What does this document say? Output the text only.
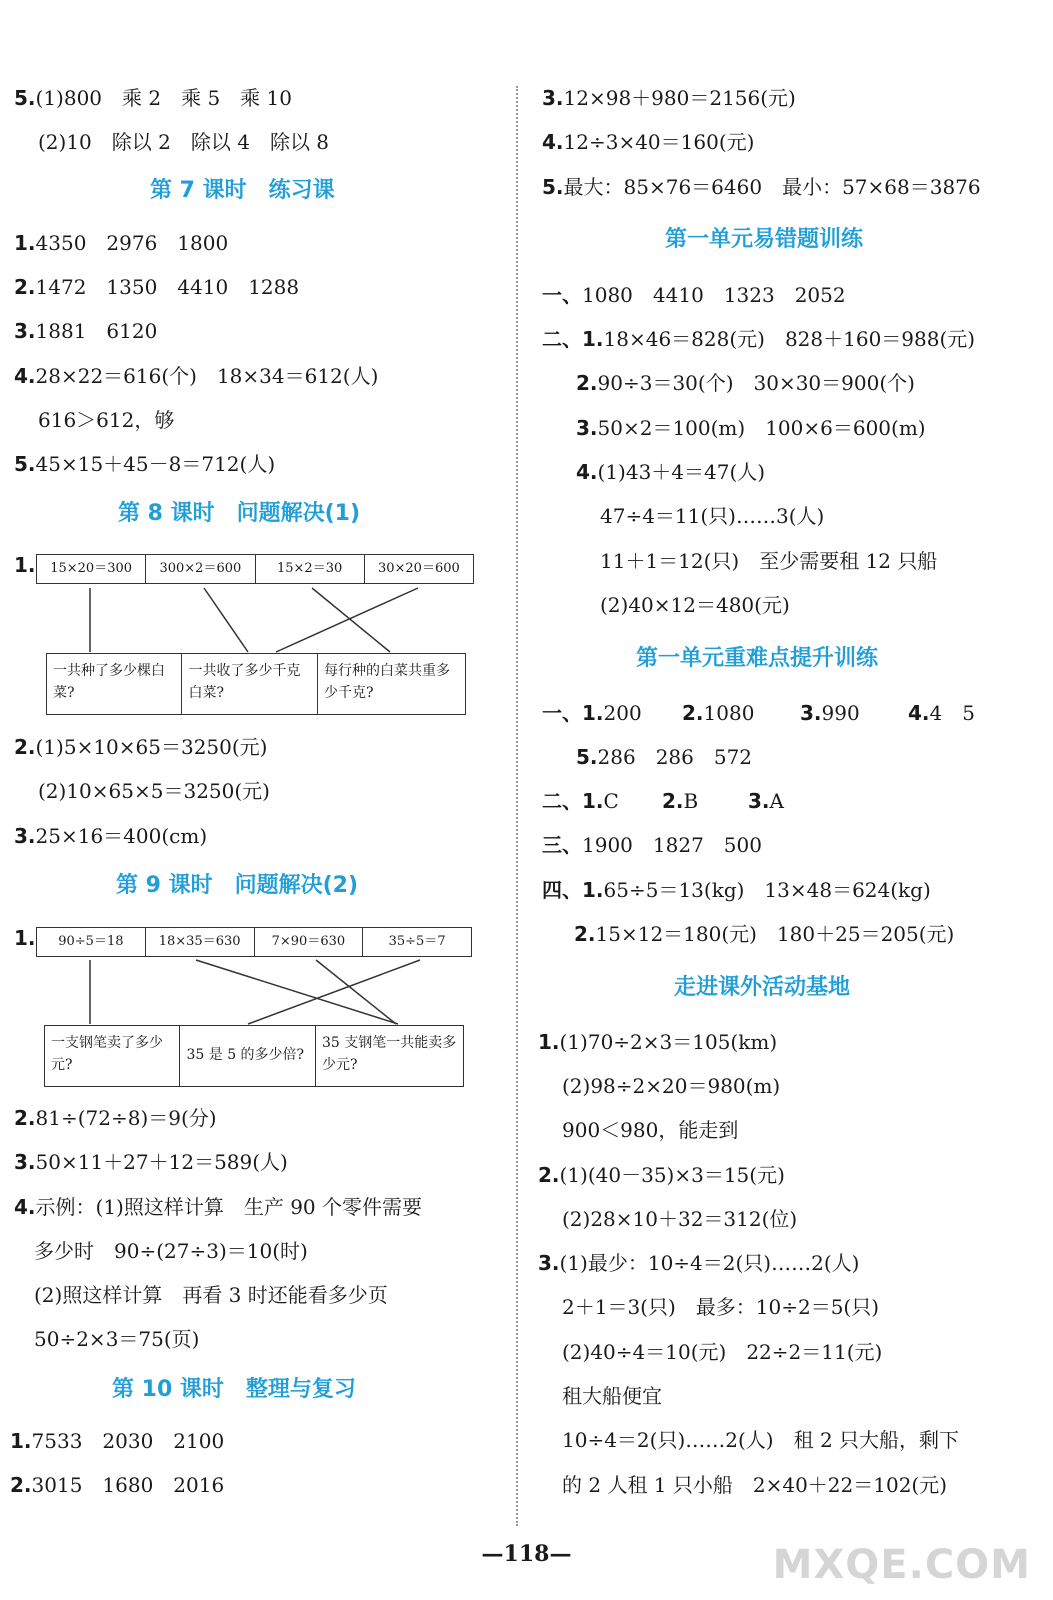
5.(1)800　乘 2　乘 5　乘 10
(2)10　除以 2　除以 4　除以 8
第 7 课时　练习课
1.4350　2976　1800
2.1472　1350　4410　1288
3.1881　6120
4.28×22＝616(个)　18×34＝612(人)
616＞612，够
5.45×15＋45－8＝712(人)
第 8 课时　问题解决(1)
1.	15×20＝300	300×2＝600	15×2＝30	30×20＝600
一共种了多少棵白菜?
一共收了多少千克白菜?
每行种的白菜共重多少千克?
2.(1)5×10×65＝3250(元)
(2)10×65×5＝3250(元)
3.25×16＝400(cm)
第 9 课时　问题解决(2)
1.	90÷5＝18	18×35＝630	7×90＝630	35÷5＝7
一支钢笔卖了多少元?
35 是 5 的多少倍?
35 支钢笔一共能卖多少元?
2.81÷(72÷8)＝9(分)
3.50×11＋27＋12＝589(人)
4.示例：(1)照这样计算　生产 90 个零件需要
多少时　90÷(27÷3)＝10(时)
(2)照这样计算　再看 3 时还能看多少页
50÷2×3＝75(页)
第 10 课时　整理与复习
1.7533　2030　2100
2.3015　1680　2016
3.12×98＋980＝2156(元)
4.12÷3×40＝160(元)
5.最大：85×76＝6460　最小：57×68＝3876
第一单元易错题训练
一、1080　4410　1323　2052
二、1.18×46＝828(元)　828＋160＝988(元)
2.90÷3＝30(个)　30×30＝900(个)
3.50×2＝100(m)　100×6＝600(m)
4.(1)43＋4＝47(人)
47÷4＝11(只)……3(人)
11＋1＝12(只)　至少需要租 12 只船
(2)40×12＝480(元)
第一单元重难点提升训练
一、1.200 2.1080 3.990 4.4　5
5.286　286　572
二、1.C 2.B 3.A
三、1900　1827　500
四、1.65÷5＝13(kg)　13×48＝624(kg)
2.15×12＝180(元)　180＋25＝205(元)
走进课外活动基地
1.(1)70÷2×3＝105(km)
(2)98÷2×20＝980(m)
900＜980，能走到
2.(1)(40－35)×3＝15(元)
(2)28×10＋32＝312(位)
3.(1)最少：10÷4＝2(只)……2(人)
2＋1＝3(只)　最多：10÷2＝5(只)
(2)40÷4＝10(元)　22÷2＝11(元)
租大船便宜
10÷4＝2(只)……2(人)　租 2 只大船，剩下
的 2 人租 1 只小船　2×40＋22＝102(元)
—118—	MXQE.COM
